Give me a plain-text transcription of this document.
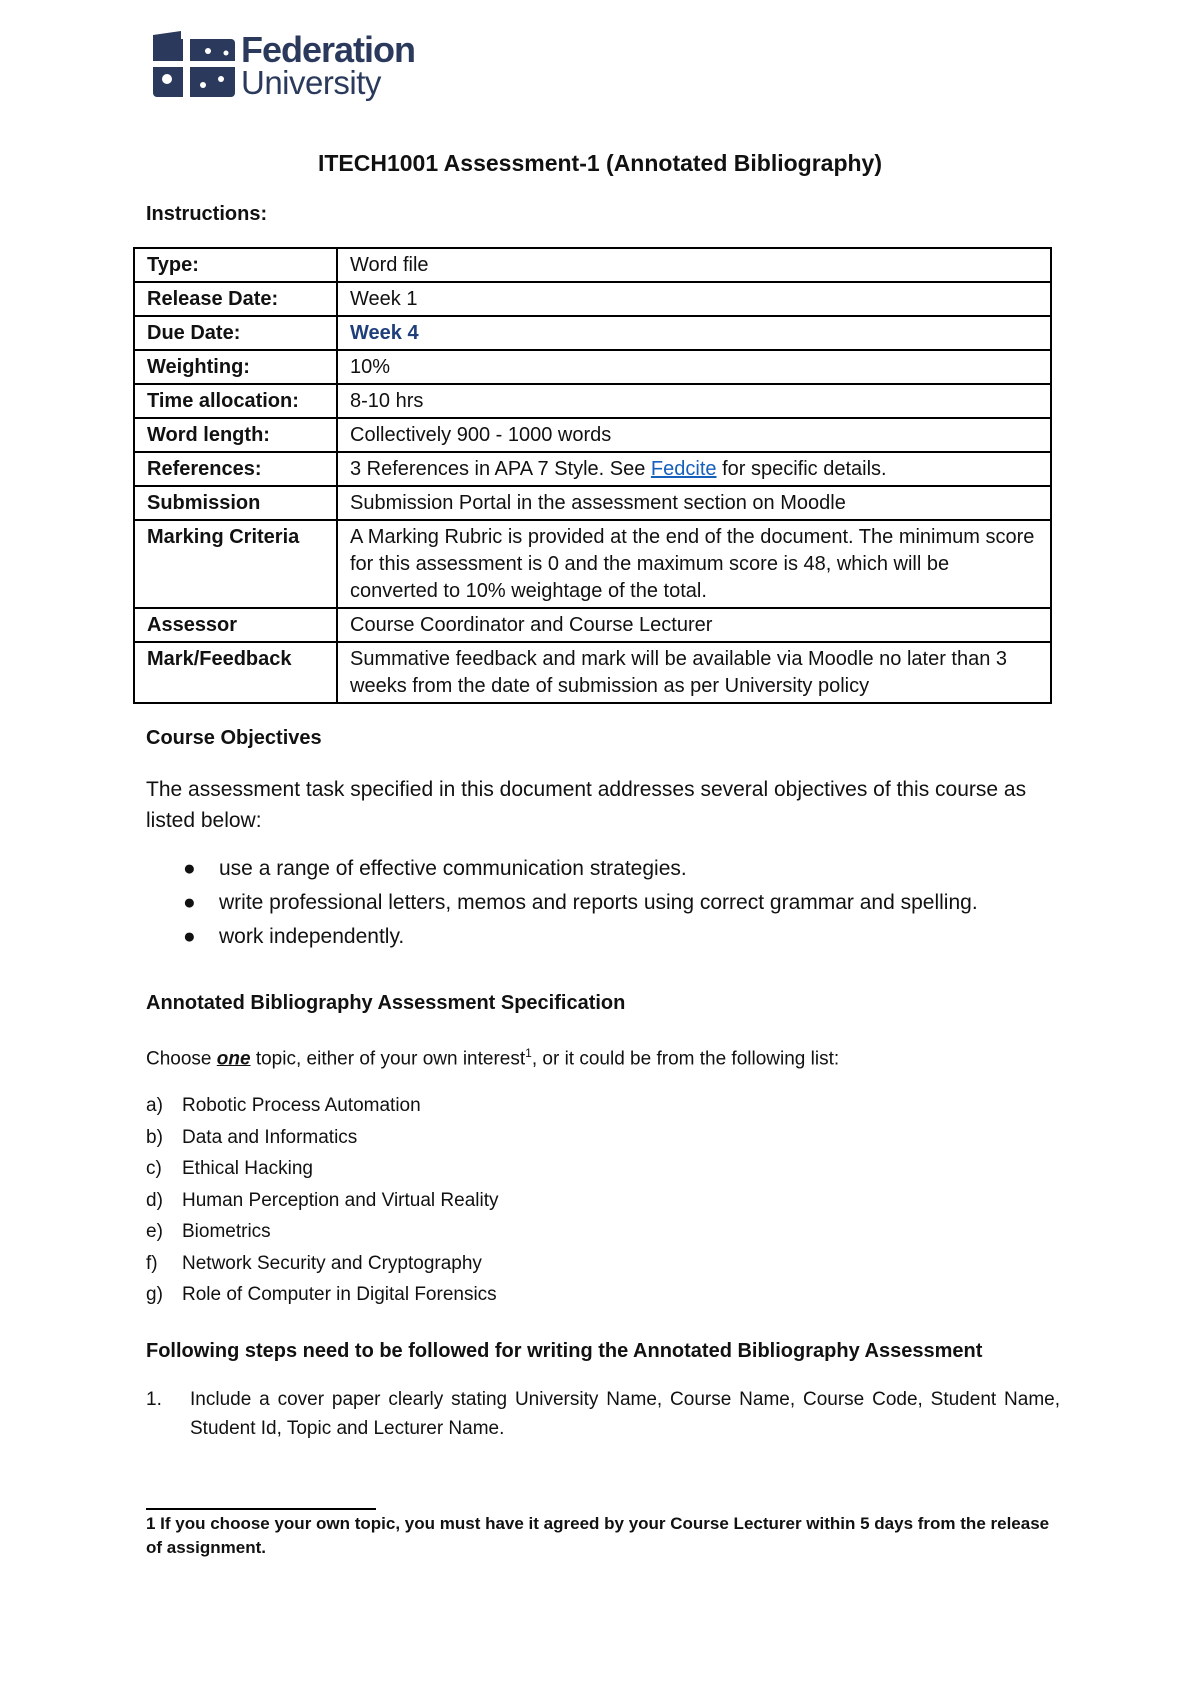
Federation
University
ITECH1001 Assessment-1 (Annotated Bibliography)
Instructions:
Type:	Word file
Release Date:	Week 1
Due Date:	Week 4
Weighting:	10%
Time allocation:	8-10 hrs
Word length:	Collectively 900 - 1000 words
References:	3 References in APA 7 Style. See Fedcite for specific details.
Submission	Submission Portal in the assessment section on Moodle
Marking Criteria	A Marking Rubric is provided at the end of the document. The minimum score for this assessment is 0 and the maximum score is 48, which will be converted to 10% weightage of the total.
Assessor	Course Coordinator and Course Lecturer
Mark/Feedback	Summative feedback and mark will be available via Moodle no later than 3 weeks from the date of submission as per University policy
Course Objectives
The assessment task specified in this document addresses several objectives of this course as listed below:
● use a range of effective communication strategies.
● write professional letters, memos and reports using correct grammar and spelling.
● work independently.
Annotated Bibliography Assessment Specification
Choose one topic, either of your own interest$^1$, or it could be from the following list:
a) Robotic Process Automation
b) Data and Informatics
c) Ethical Hacking
d) Human Perception and Virtual Reality
e) Biometrics
f) Network Security and Cryptography
g) Role of Computer in Digital Forensics
Following steps need to be followed for writing the Annotated Bibliography Assessment
1. Include a cover paper clearly stating University Name, Course Name, Course Code, Student Name, Student Id, Topic and Lecturer Name.
1 If you choose your own topic, you must have it agreed by your Course Lecturer within 5 days from the release of assignment.
